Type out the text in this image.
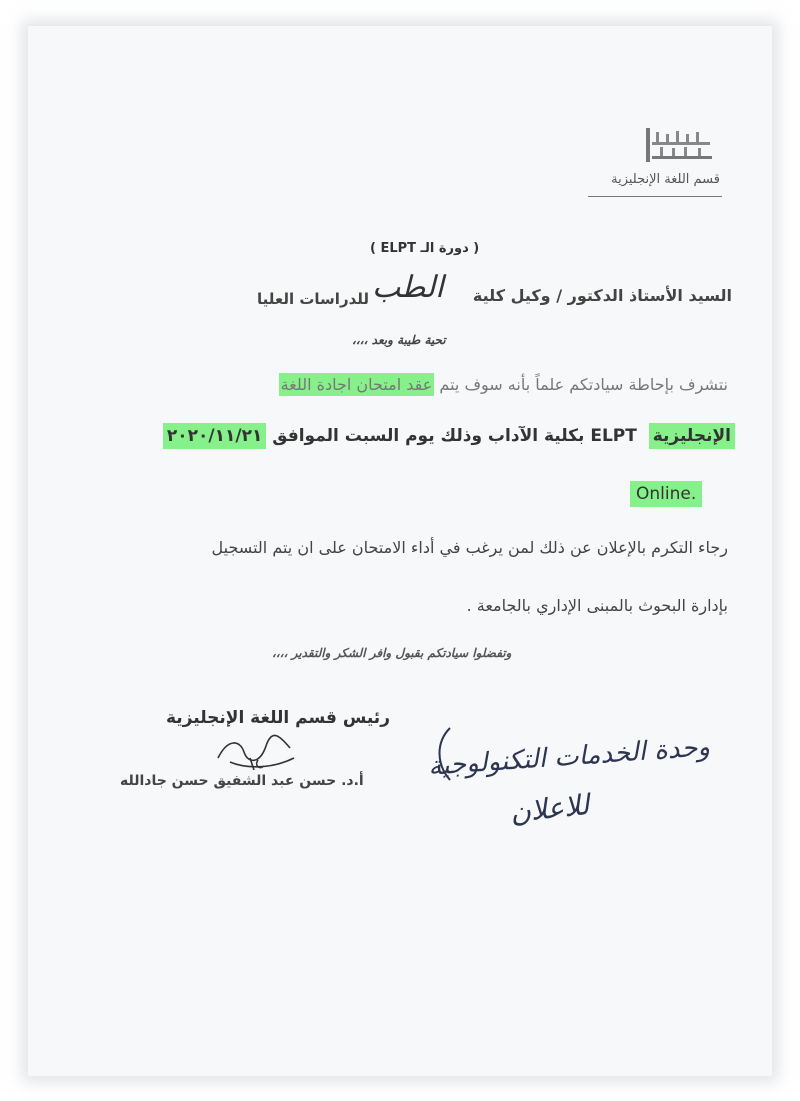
قسم اللغة الإنجليزية
( دورة الـ ELPT )
السيد الأستاذ الدكتور / وكيل كلية
الطب
للدراسات العليا
تحية طيبة وبعد ،،،،
نتشرف بإحاطة سيادتكم علماً بأنه سوف يتم عقد امتحان اجادة اللغة
الإنجليزية  ELPT بكلية الآداب وذلك يوم السبت الموافق ٢٠٢٠/١١/٢١
Online.
رجاء التكرم بالإعلان عن ذلك لمن يرغب في أداء الامتحان على ان يتم التسجيل
بإدارة البحوث بالمبنى الإداري بالجامعة .
وتفضلوا سيادتكم بقبول وافر الشكر والتقدير ،،،،
رئيس قسم اللغة الإنجليزية
أ.د. حسن عبد الشفيق حسن جادالله وحدة الخدمات التكنولوجية
للاعلان
